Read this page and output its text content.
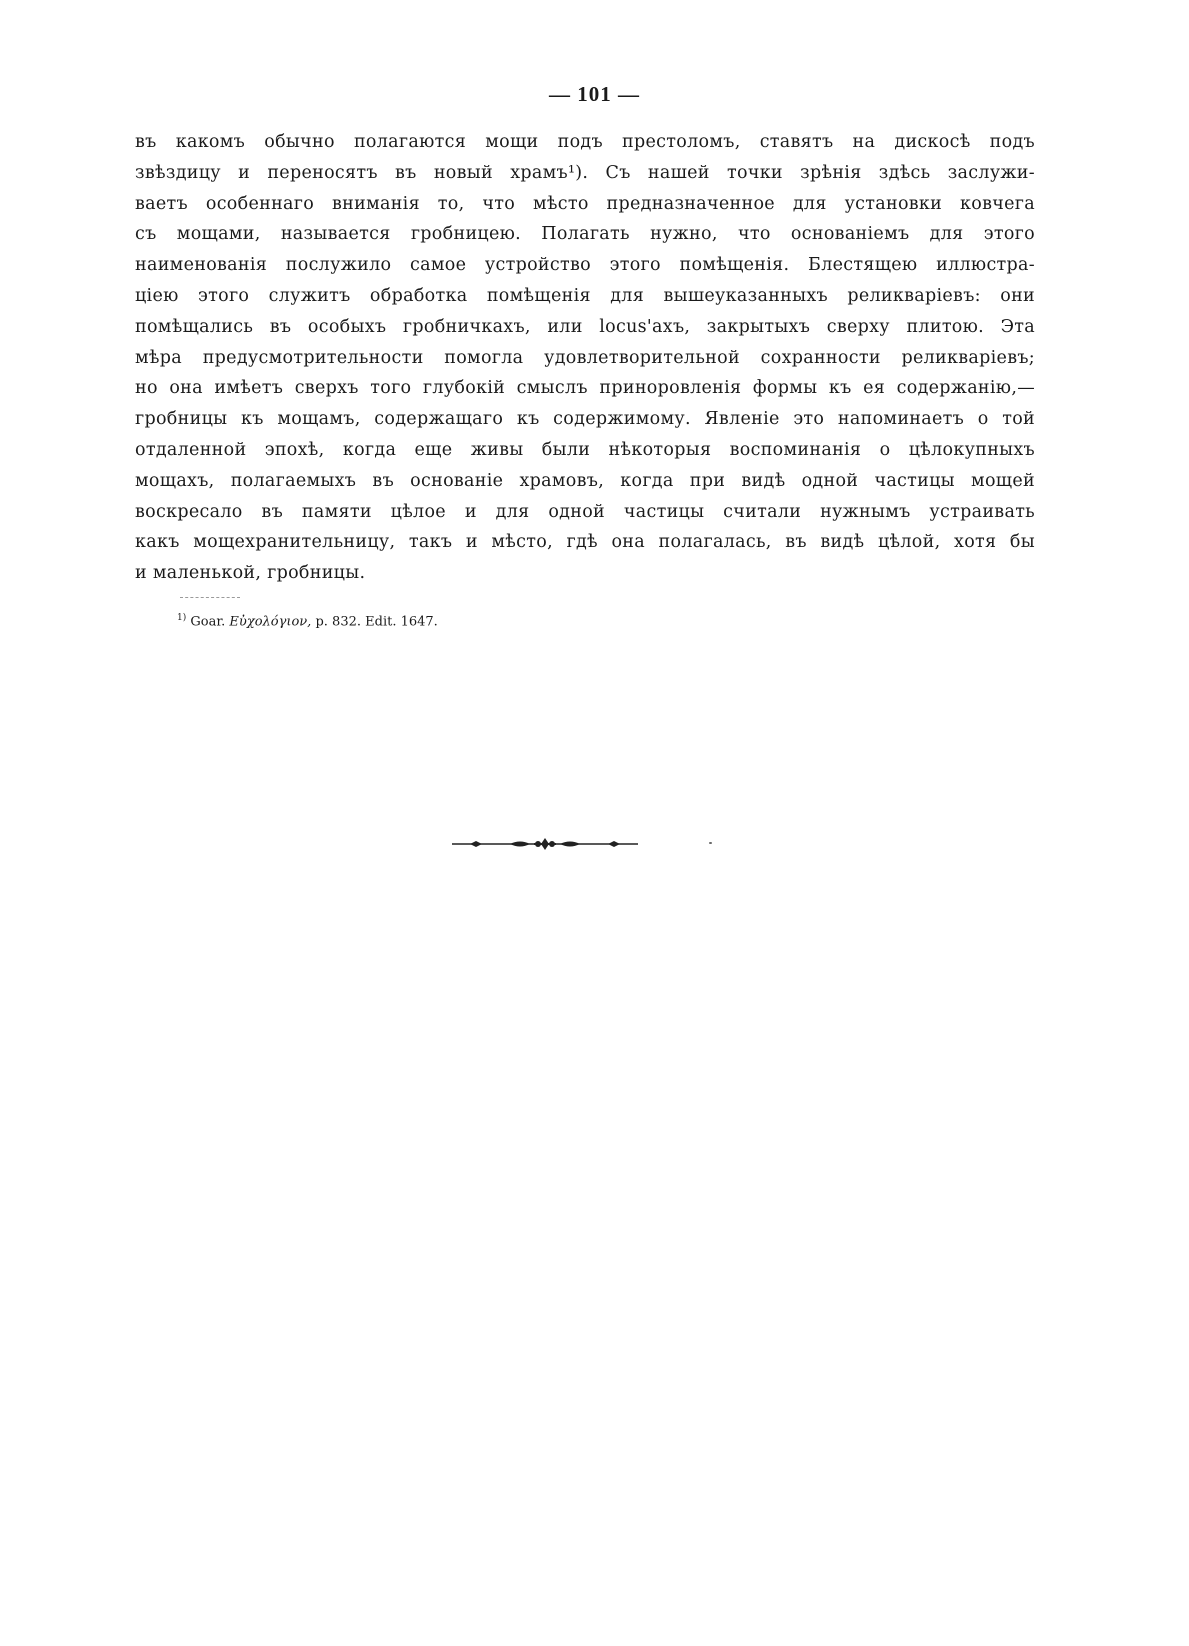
— 101 —
въ какомъ обычно полагаются мощи подъ престоломъ, ставятъ на дискосѣ подъ
звѣздицу и переносятъ въ новый храмъ¹). Съ нашей точки зрѣнія здѣсь заслужи-
ваетъ особеннаго вниманія то, что мѣсто предназначенное для установки ковчега
съ мощами, называется гробницею. Полагать нужно, что основаніемъ для этого
наименованія послужило самое устройство этого помѣщенія. Блестящею иллюстра-
ціею этого служитъ обработка помѣщенія для вышеуказанныхъ реликваріевъ: они
помѣщались въ особыхъ гробничкахъ, или locus'ахъ, закрытыхъ сверху плитою. Эта
мѣра предусмотрительности помогла удовлетворительной сохранности реликваріевъ;
но она имѣетъ сверхъ того глубокій смыслъ приноровленія формы къ ея содержанію,—
гробницы къ мощамъ, содержащаго къ содержимому. Явленіе это напоминаетъ о той
отдаленной эпохѣ, когда еще живы были нѣкоторыя воспоминанія о цѣлокупныхъ
мощахъ, полагаемыхъ въ основаніе храмовъ, когда при видѣ одной частицы мощей
воскресало въ памяти цѣлое и для одной частицы считали нужнымъ устраивать
какъ мощехранительницу, такъ и мѣсто, гдѣ она полагалась, въ видѣ цѣлой, хотя бы
и маленькой, гробницы.
$^{1)}$ Goar. Εὐχολόγιον, p. 832. Edit. 1647.
